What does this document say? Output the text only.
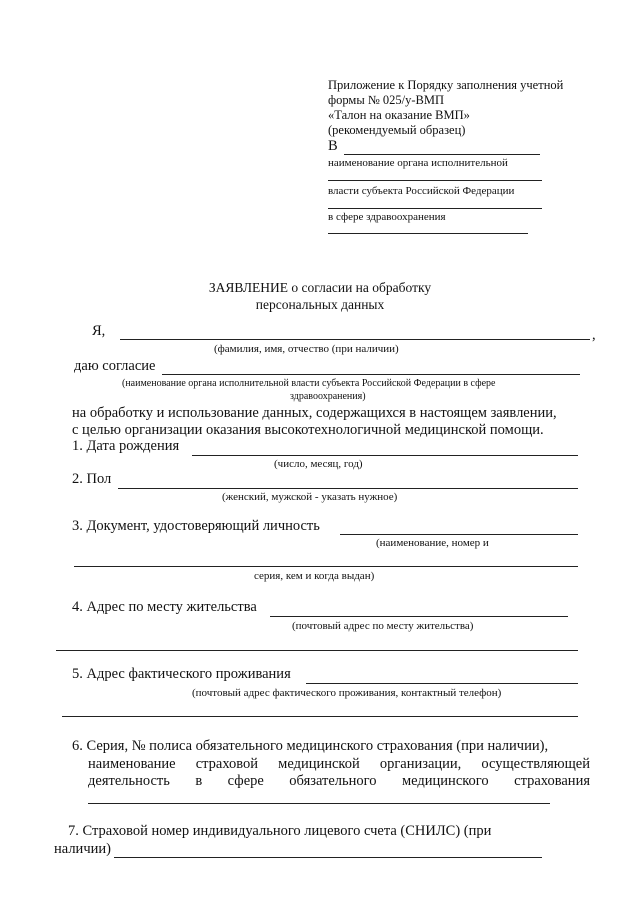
Приложение к Порядку заполнения учетной
формы № 025/у-ВМП
«Талон на оказание ВМП»
(рекомендуемый образец)
В
наименование органа исполнительной
власти субъекта Российской Федерации
в сфере здравоохранения
ЗАЯВЛЕНИЕ о согласии на обработку
персональных данных
Я,	,
(фамилия, имя, отчество (при наличии)
даю согласие
(наименование органа исполнительной власти субъекта Российской Федерации в сфере
здравоохранения)
на обработку и использование данных, содержащихся в настоящем заявлении,
с целью организации оказания высокотехнологичной медицинской помощи.
1. Дата рождения
(число, месяц, год)
2. Пол
(женский, мужской - указать нужное)
3. Документ, удостоверяющий личность
(наименование, номер и
серия, кем и когда выдан)
4. Адрес по месту жительства
(почтовый адрес по месту жительства)
5. Адрес фактического проживания
(почтовый адрес фактического проживания, контактный телефон)
6. Серия, № полиса обязательного медицинского страхования (при наличии),
наименование страховой медицинской организации, осуществляющей
деятельность в сфере обязательного медицинского страхования
7. Страховой номер индивидуального лицевого счета (СНИЛС) (при
наличии)
